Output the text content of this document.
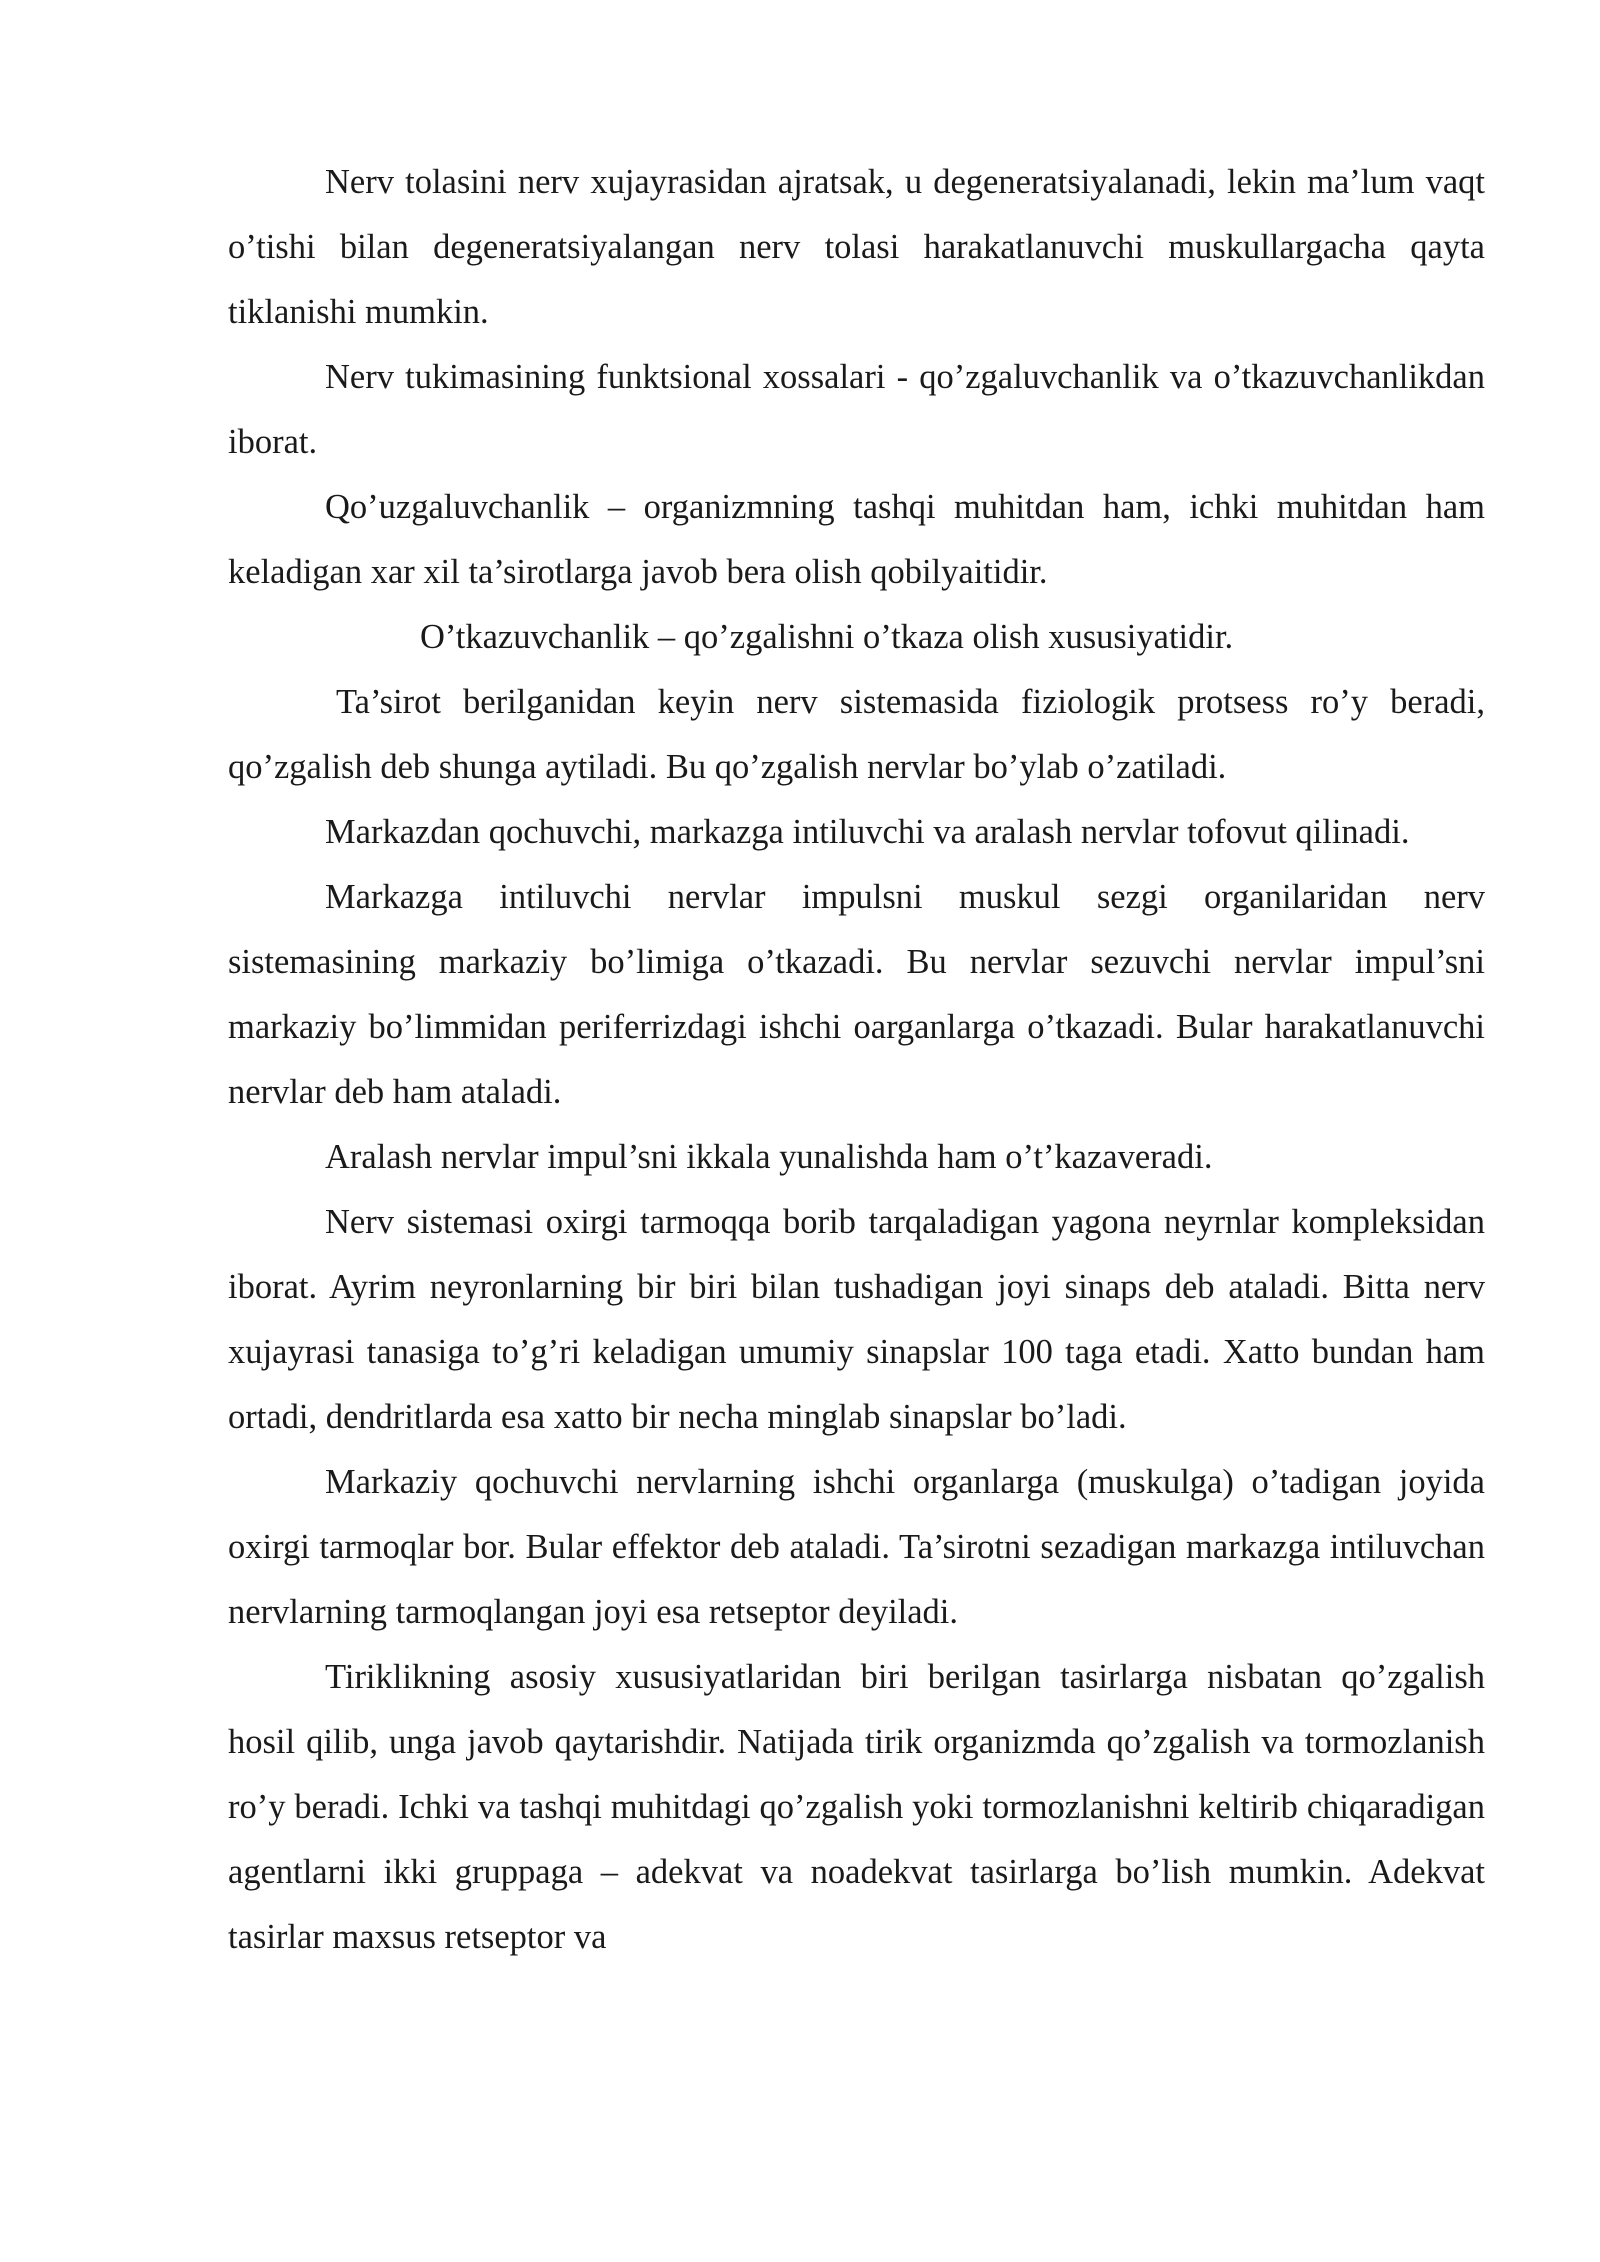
Nerv tolasini nerv xujayrasidan ajratsak, u degeneratsiyalanadi, lekin ma’lum vaqt o’tishi bilan degeneratsiyalangan nerv tolasi harakatlanuvchi muskullargacha qayta tiklanishi mumkin.

Nerv tukimasining funktsional xossalari - qo’zgaluvchanlik va o’tkazuvchanlikdan iborat.

Qo’uzgaluvchanlik – organizmning tashqi muhitdan ham, ichki muhitdan ham keladigan xar xil ta’sirotlarga javob bera olish qobilyaitidir.

O’tkazuvchanlik – qo’zgalishni o’tkaza olish xususiyatidir.

Ta’sirot berilganidan keyin nerv sistemasida fiziologik protsess ro’y beradi, qo’zgalish deb shunga aytiladi. Bu qo’zgalish nervlar bo’ylab o’zatiladi.

Markazdan qochuvchi, markazga intiluvchi va aralash nervlar tofovut qilinadi.

Markazga intiluvchi nervlar impulsni muskul sezgi organilaridan nerv sistemasining markaziy bo’limiga o’tkazadi. Bu nervlar sezuvchi nervlar impul’sni markaziy bo’limmidan periferrizdagi ishchi oarganlarga o’tkazadi. Bular harakatlanuvchi nervlar deb ham ataladi.

Aralash nervlar impul’sni ikkala yunalishda ham o’t’kazaveradi.

Nerv sistemasi oxirgi tarmoqqa borib tarqaladigan yagona neyrnlar kompleksidan iborat. Ayrim neyronlarning bir biri bilan tushadigan joyi sinaps deb ataladi. Bitta nerv xujayrasi tanasiga to’g’ri keladigan umumiy sinapslar 100 taga etadi. Xatto bundan ham ortadi, dendritlarda esa xatto bir necha minglab sinapslar bo’ladi.

Markaziy qochuvchi nervlarning ishchi organlarga (muskulga) o’tadigan joyida oxirgi tarmoqlar bor. Bular effektor deb ataladi. Ta’sirotni sezadigan markazga intiluvchan nervlarning tarmoqlangan joyi esa retseptor deyiladi.

Tiriklikning asosiy xususiyatlaridan biri berilgan tasirlarga nisbatan qo’zgalish hosil qilib, unga javob qaytarishdir. Natijada tirik organizmda qo’zgalish va tormozlanish ro’y beradi. Ichki va tashqi muhitdagi qo’zgalish yoki tormozlanishni keltirib chiqaradigan agentlarni ikki gruppaga – adekvat va noadekvat tasirlarga bo’lish mumkin. Adekvat tasirlar maxsus retseptor va
